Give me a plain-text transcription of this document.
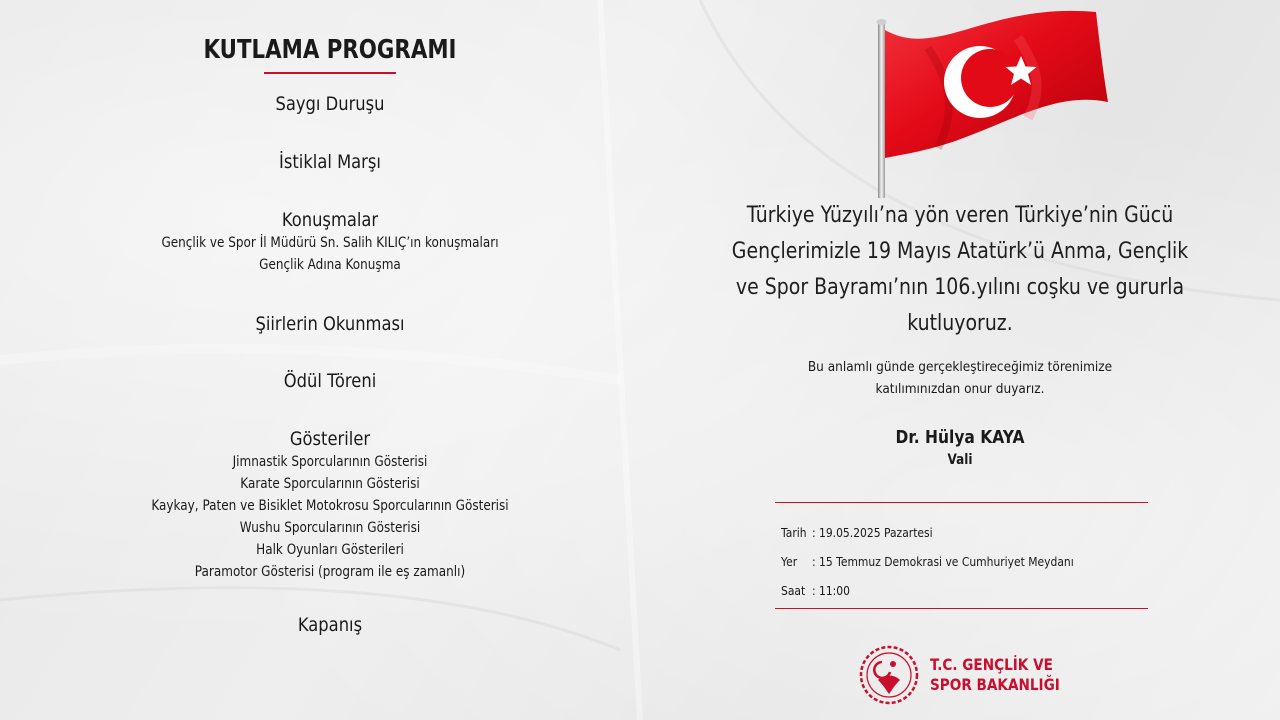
KUTLAMA PROGRAMI
Saygı Duruşu
İstiklal Marşı
Konuşmalar
Gençlik ve Spor İl Müdürü Sn. Salih KILIÇ’ın konuşmaları
Gençlik Adına Konuşma
Şiirlerin Okunması
Ödül Töreni
Gösteriler
Jimnastik Sporcularının Gösterisi
Karate Sporcularının Gösterisi
Kaykay, Paten ve Bisiklet Motokrosu Sporcularının Gösterisi
Wushu Sporcularının Gösterisi
Halk Oyunları Gösterileri
Paramotor Gösterisi (program ile eş zamanlı)
Kapanış
Türkiye Yüzyılı’na yön veren Türkiye’nin Gücü
Gençlerimizle 19 Mayıs Atatürk’ü Anma, Gençlik
ve Spor Bayramı’nın 106.yılını coşku ve gururla kutluyoruz.
Bu anlamlı günde gerçekleştireceğimiz törenimize
katılımınızdan onur duyarız.
Dr. Hülya KAYA
Vali
Tarih : 19.05.2025 Pazartesi
Yer : 15 Temmuz Demokrasi ve Cumhuriyet Meydanı
Saat : 11:00
T.C. GENÇLİK VE
SPOR BAKANLIĞI
